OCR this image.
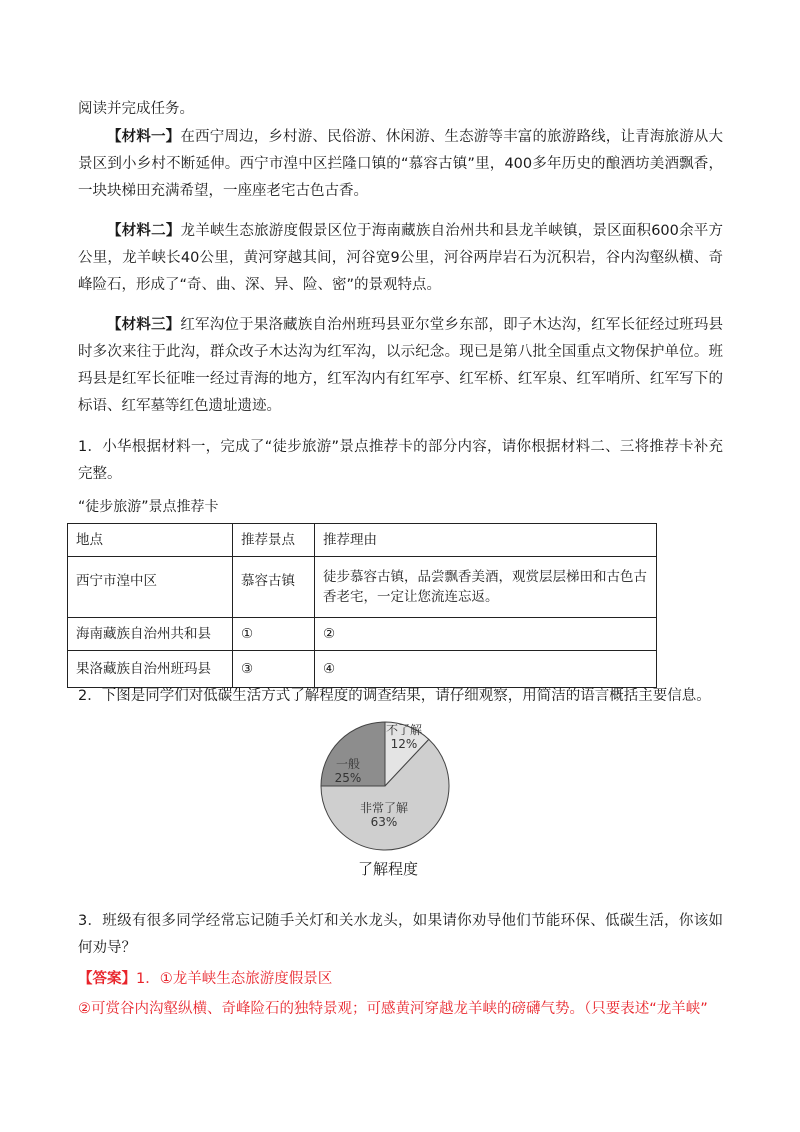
阅读并完成任务。

【材料一】在西宁周边，乡村游、民俗游、休闲游、生态游等丰富的旅游路线，让青海旅游从大景区到小乡村不断延伸。西宁市湟中区拦隆口镇的“慕容古镇”里，400多年历史的酿酒坊美酒飘香，一块块梯田充满希望，一座座老宅古色古香。

【材料二】龙羊峡生态旅游度假景区位于海南藏族自治州共和县龙羊峡镇，景区面积600余平方公里，龙羊峡长40公里，黄河穿越其间，河谷宽9公里，河谷两岸岩石为沉积岩，谷内沟壑纵横、奇峰险石，形成了“奇、曲、深、异、险、密”的景观特点。

【材料三】红军沟位于果洛藏族自治州班玛县亚尔堂乡东部，即子木达沟，红军长征经过班玛县时多次来往于此沟，群众改子木达沟为红军沟，以示纪念。现已是第八批全国重点文物保护单位。班玛县是红军长征唯一经过青海的地方，红军沟内有红军亭、红军桥、红军泉、红军哨所、红军写下的标语、红军墓等红色遗址遗迹。

1．小华根据材料一，完成了“徒步旅游”景点推荐卡的部分内容，请你根据材料二、三将推荐卡补充完整。

“徒步旅游”景点推荐卡
地点	推荐景点	推荐理由
西宁市湟中区	慕容古镇	徒步慕容古镇，品尝飘香美酒，观赏层层梯田和古色古香老宅，一定让您流连忘返。
海南藏族自治州共和县	①	②
果洛藏族自治州班玛县	③	④

2．下图是同学们对低碳生活方式了解程度的调查结果，请仔细观察，用简洁的语言概括主要信息。

不了解
12%
非常了解
63%
一般
25%
了解程度

3．班级有很多同学经常忘记随手关灯和关水龙头，如果请你劝导他们节能环保、低碳生活，你该如何劝导？

【答案】1．①龙羊峡生态旅游度假景区

②可赏谷内沟壑纵横、奇峰险石的独特景观；可感黄河穿越龙羊峡的磅礴气势。（只要表述“龙羊峡”
